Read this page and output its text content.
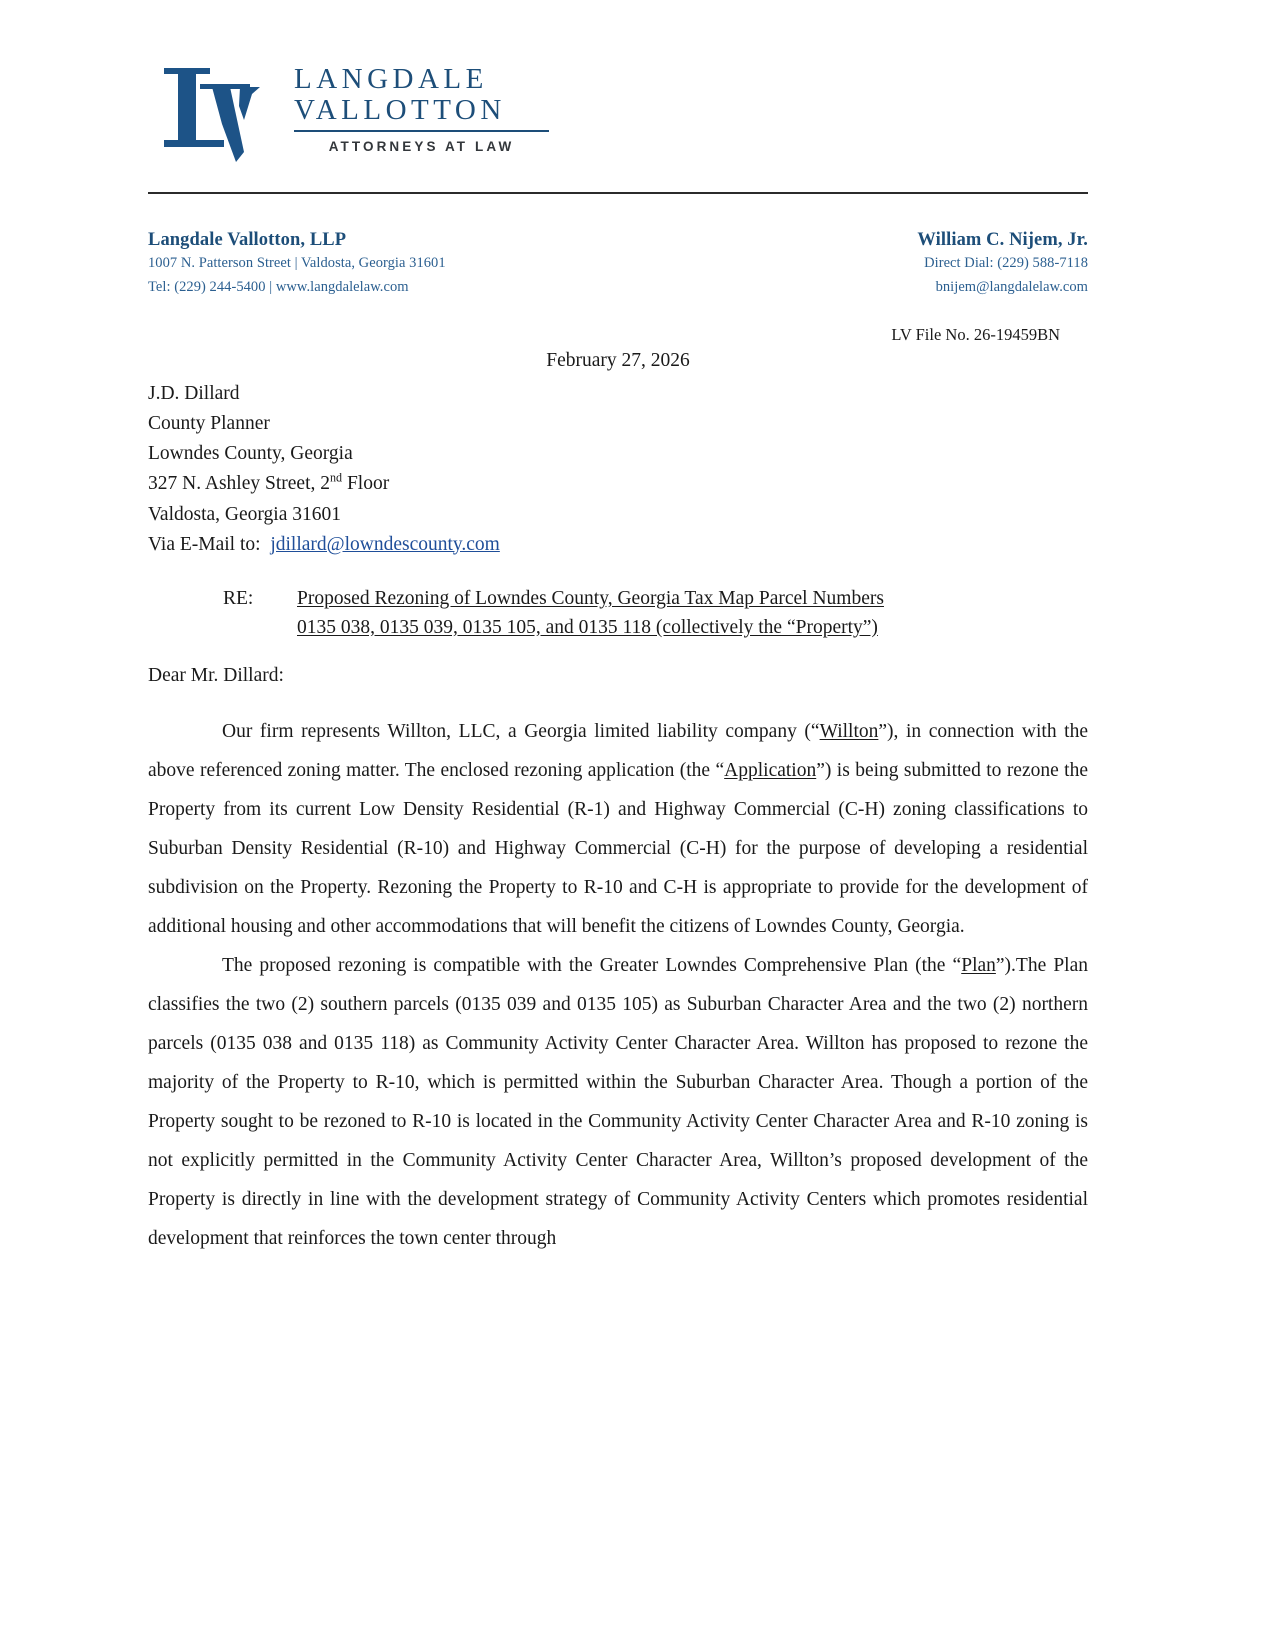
LANGDALE
VALLOTTON
ATTORNEYS AT LAW
Langdale Vallotton, LLP
1007 N. Patterson Street | Valdosta, Georgia 31601
Tel: (229) 244-5400 | www.langdalelaw.com
William C. Nijem, Jr.
Direct Dial: (229) 588-7118
bnijem@langdalelaw.com
LV File No. 26-19459BN
February 27, 2026
J.D. Dillard
County Planner
Lowndes County, Georgia
327 N. Ashley Street, 2nd Floor
Valdosta, Georgia 31601
Via E-Mail to: jdillard@lowndescounty.com
RE:	Proposed Rezoning of Lowndes County, Georgia Tax Map Parcel Numbers
0135 038, 0135 039, 0135 105, and 0135 118 (collectively the “Property”)
Dear Mr. Dillard:

Our firm represents Willton, LLC, a Georgia limited liability company (“Willton”), in connection with the above referenced zoning matter. The enclosed rezoning application (the “Application”) is being submitted to rezone the Property from its current Low Density Residential (R-1) and Highway Commercial (C-H) zoning classifications to Suburban Density Residential (R-10) and Highway Commercial (C-H) for the purpose of developing a residential subdivision on the Property. Rezoning the Property to R-10 and C-H is appropriate to provide for the development of additional housing and other accommodations that will benefit the citizens of Lowndes County, Georgia.

The proposed rezoning is compatible with the Greater Lowndes Comprehensive Plan (the “Plan”).The Plan classifies the two (2) southern parcels (0135 039 and 0135 105) as Suburban Character Area and the two (2) northern parcels (0135 038 and 0135 118) as Community Activity Center Character Area. Willton has proposed to rezone the majority of the Property to R-10, which is permitted within the Suburban Character Area. Though a portion of the Property sought to be rezoned to R-10 is located in the Community Activity Center Character Area and R-10 zoning is not explicitly permitted in the Community Activity Center Character Area, Willton’s proposed development of the Property is directly in line with the development strategy of Community Activity Centers which promotes residential development that reinforces the town center through
